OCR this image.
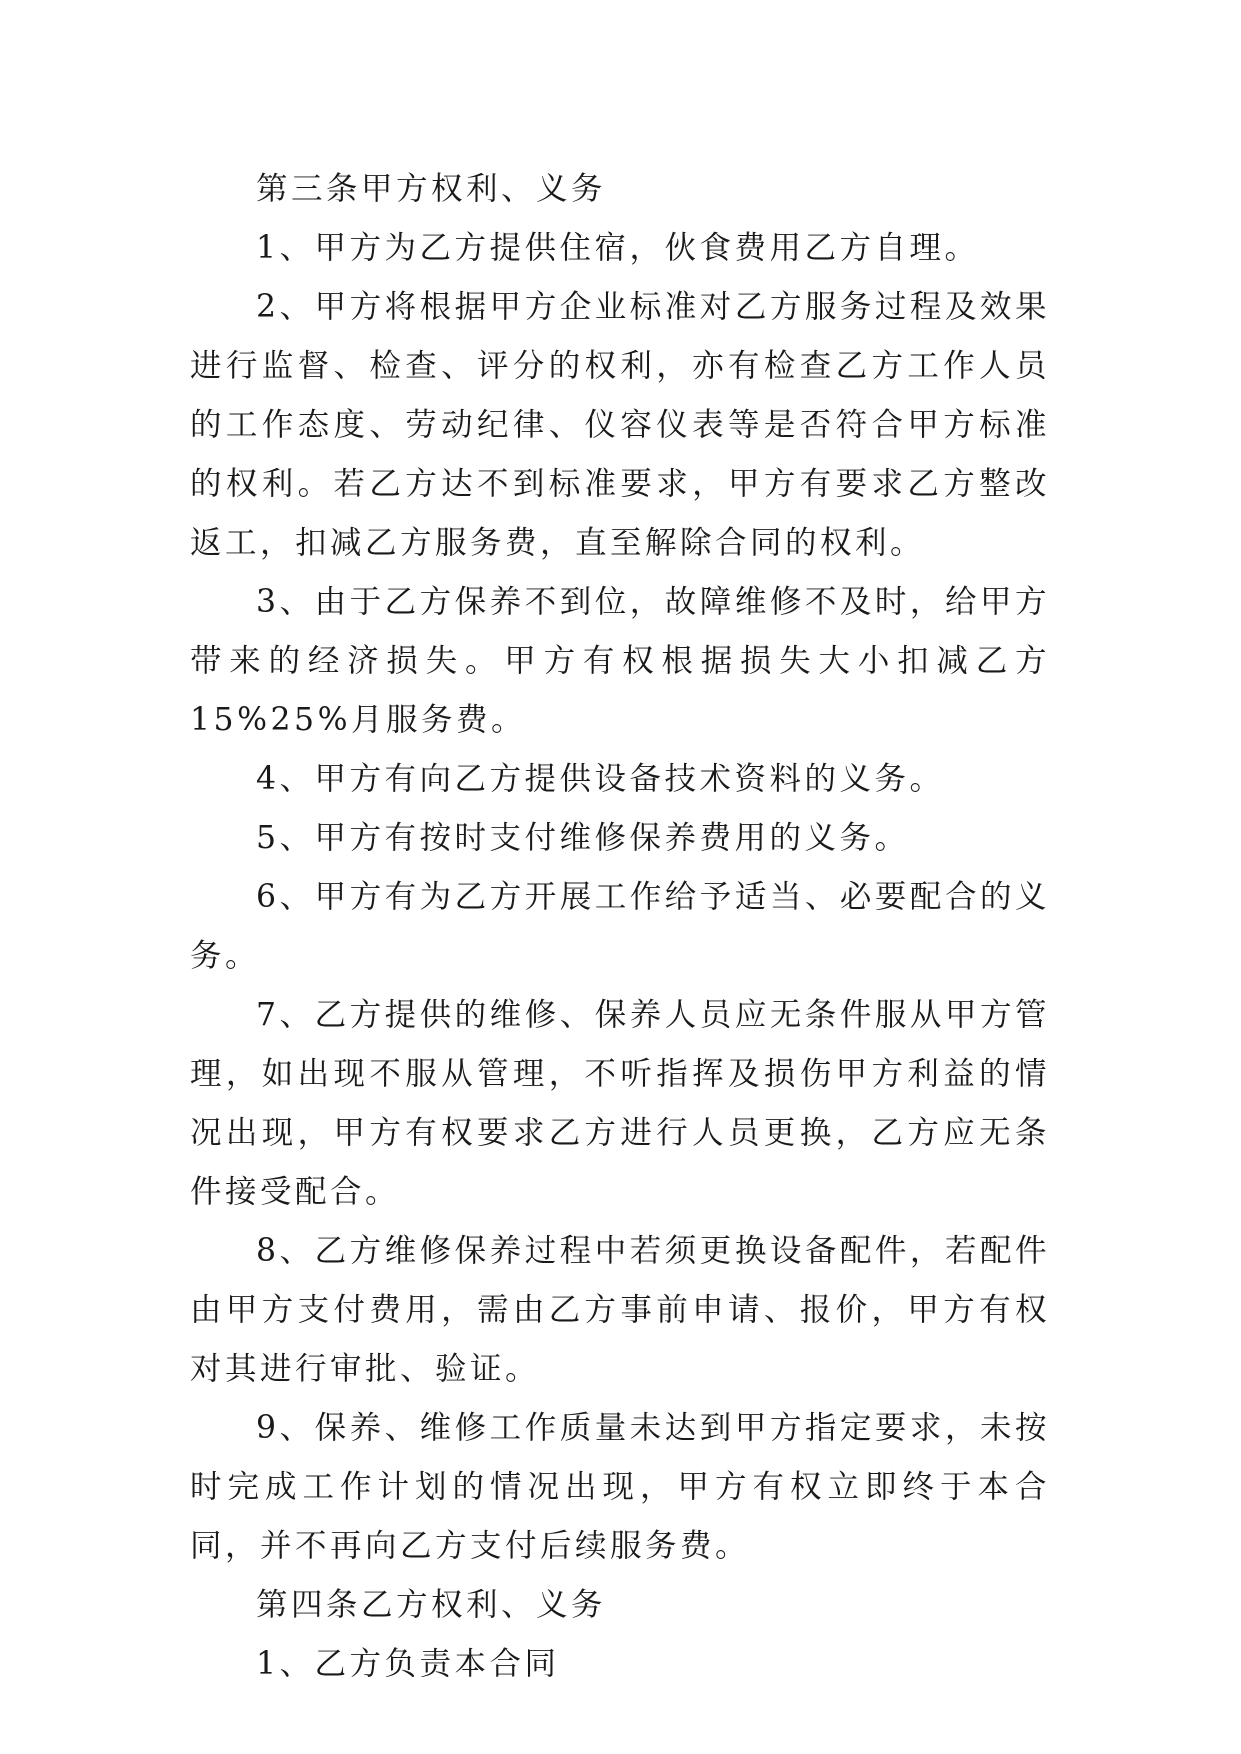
第三条甲方权利、义务

1、甲方为乙方提供住宿，伙食费用乙方自理。

2、甲方将根据甲方企业标准对乙方服务过程及效果进行监督、检查、评分的权利，亦有检查乙方工作人员的工作态度、劳动纪律、仪容仪表等是否符合甲方标准的权利。若乙方达不到标准要求，甲方有要求乙方整改返工，扣减乙方服务费，直至解除合同的权利。

3、由于乙方保养不到位，故障维修不及时，给甲方带来的经济损失。甲方有权根据损失大小扣减乙方 15%25%月服务费。

4、甲方有向乙方提供设备技术资料的义务。

5、甲方有按时支付维修保养费用的义务。

6、甲方有为乙方开展工作给予适当、必要配合的义务。

7、乙方提供的维修、保养人员应无条件服从甲方管理，如出现不服从管理，不听指挥及损伤甲方利益的情况出现，甲方有权要求乙方进行人员更换，乙方应无条件接受配合。

8、乙方维修保养过程中若须更换设备配件，若配件由甲方支付费用，需由乙方事前申请、报价，甲方有权对其进行审批、验证。

9、保养、维修工作质量未达到甲方指定要求，未按时完成工作计划的情况出现，甲方有权立即终于本合同，并不再向乙方支付后续服务费。

第四条乙方权利、义务

1、乙方负责本合同
